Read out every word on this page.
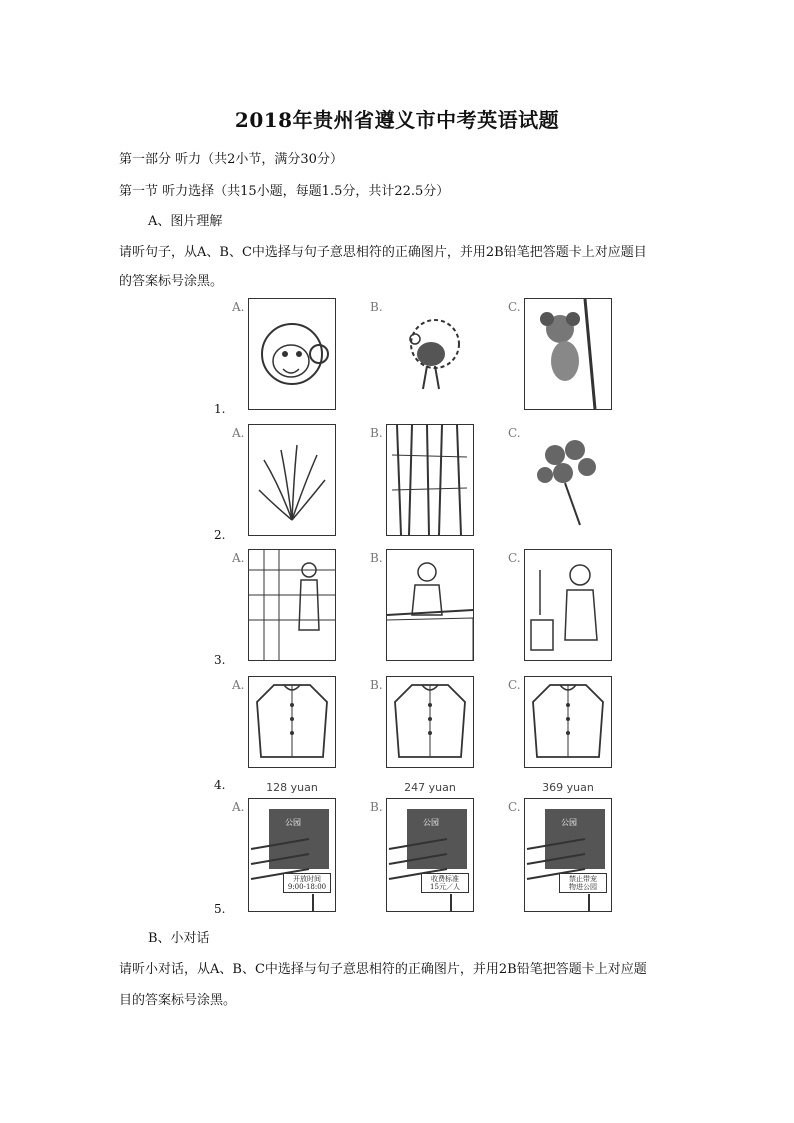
2018年贵州省遵义市中考英语试题
第一部分 听力（共2小节，满分30分）
第一节 听力选择（共15小题，每题1.5分，共计22.5分）
A、图片理解
请听句子，从A、B、C中选择与句子意思相符的正确图片，并用2B铅笔把答题卡上对应题目
的答案标号涂黑。
A.	B.	C.
1.
A.	B.	C.
2.
A.	B.	C.
3.
A.
128 yuan
B.
247 yuan
C.
369 yuan
4.
A.
公园
开放时间
9:00-18:00
B.
公园
收费标准
15元／人
C.
公园
禁止带宠
物进公园
5.
B、小对话
请听小对话，从A、B、C中选择与句子意思相符的正确图片，并用2B铅笔把答题卡上对应题
目的答案标号涂黑。
